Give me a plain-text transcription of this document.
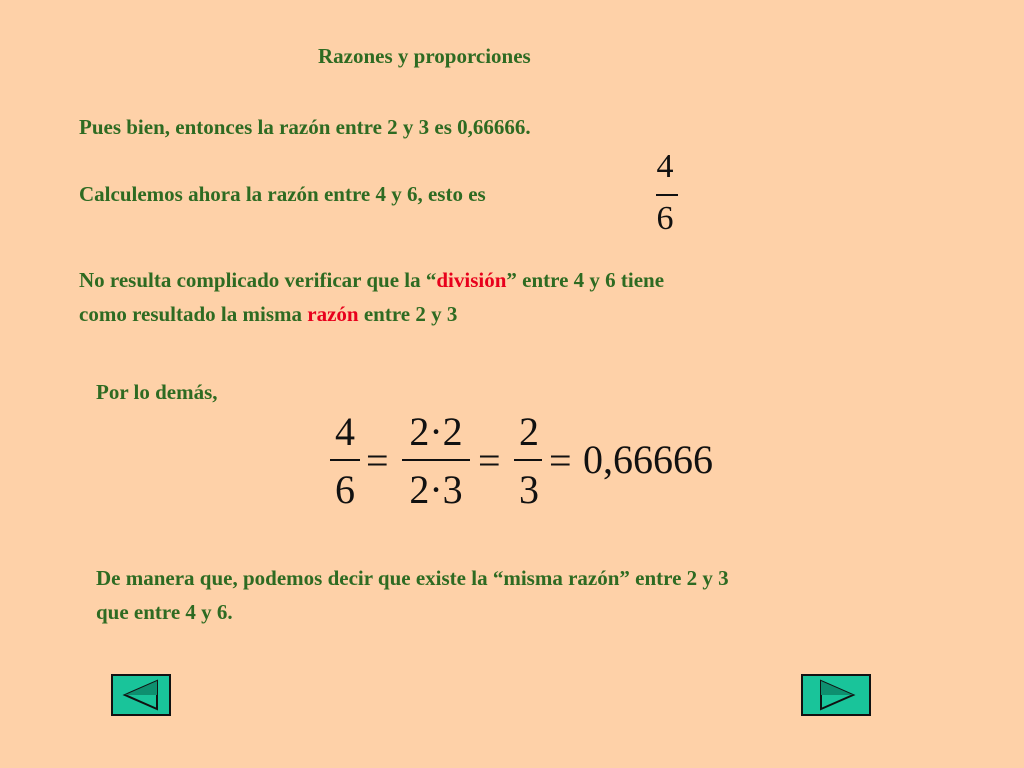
Razones y proporciones
Pues bien, entonces la razón entre 2 y 3 es 0,66666.
Calculemos ahora la razón entre 4 y 6, esto es
4
6
No resulta complicado verificar que la “división” entre 4 y 6 tiene
como resultado la misma razón entre 2 y 3
Por lo demás,
4
6
=
2·2
2·3
=
2
3
= 0,66666
De manera que, podemos decir que existe la “misma razón” entre 2 y 3
que entre 4 y 6.
